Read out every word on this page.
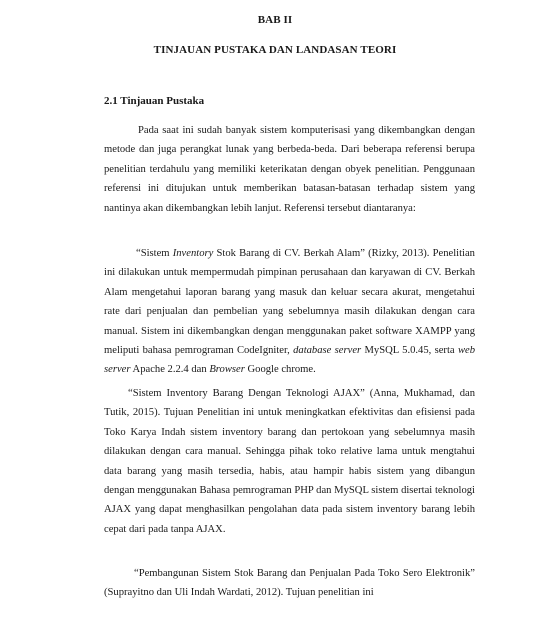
BAB II
TINJAUAN PUSTAKA DAN LANDASAN TEORI
2.1 Tinjauan Pustaka

Pada saat ini sudah banyak sistem komputerisasi yang dikembangkan dengan metode dan juga perangkat lunak yang berbeda-beda. Dari beberapa referensi berupa penelitian terdahulu yang memiliki keterikatan dengan obyek penelitian. Penggunaan referensi ini ditujukan untuk memberikan batasan-batasan terhadap sistem yang nantinya akan dikembangkan lebih lanjut. Referensi tersebut diantaranya:

“Sistem Inventory Stok Barang di CV. Berkah Alam” (Rizky, 2013). Penelitian ini dilakukan untuk mempermudah pimpinan perusahaan dan karyawan di CV. Berkah Alam mengetahui laporan barang yang masuk dan keluar secara akurat, mengetahui rate dari penjualan dan pembelian yang sebelumnya masih dilakukan dengan cara manual. Sistem ini dikembangkan dengan menggunakan paket software XAMPP yang meliputi bahasa pemrograman CodeIgniter, database server MySQL 5.0.45, serta web server Apache 2.2.4 dan Browser Google chrome.

“Sistem Inventory Barang Dengan Teknologi AJAX” (Anna, Mukhamad, dan Tutik, 2015). Tujuan Penelitian ini untuk meningkatkan efektivitas dan efisiensi pada Toko Karya Indah sistem inventory barang dan pertokoan yang sebelumnya masih dilakukan dengan cara manual. Sehingga pihak toko relative lama untuk mengtahui data barang yang masih tersedia, habis, atau hampir habis sistem yang dibangun dengan menggunakan Bahasa pemrograman PHP dan MySQL sistem disertai teknologi AJAX yang dapat menghasilkan pengolahan data pada sistem inventory barang lebih cepat dari pada tanpa AJAX.

“Pembangunan Sistem Stok Barang dan Penjualan Pada Toko Sero Elektronik” (Suprayitno dan Uli Indah Wardati, 2012). Tujuan penelitian ini
